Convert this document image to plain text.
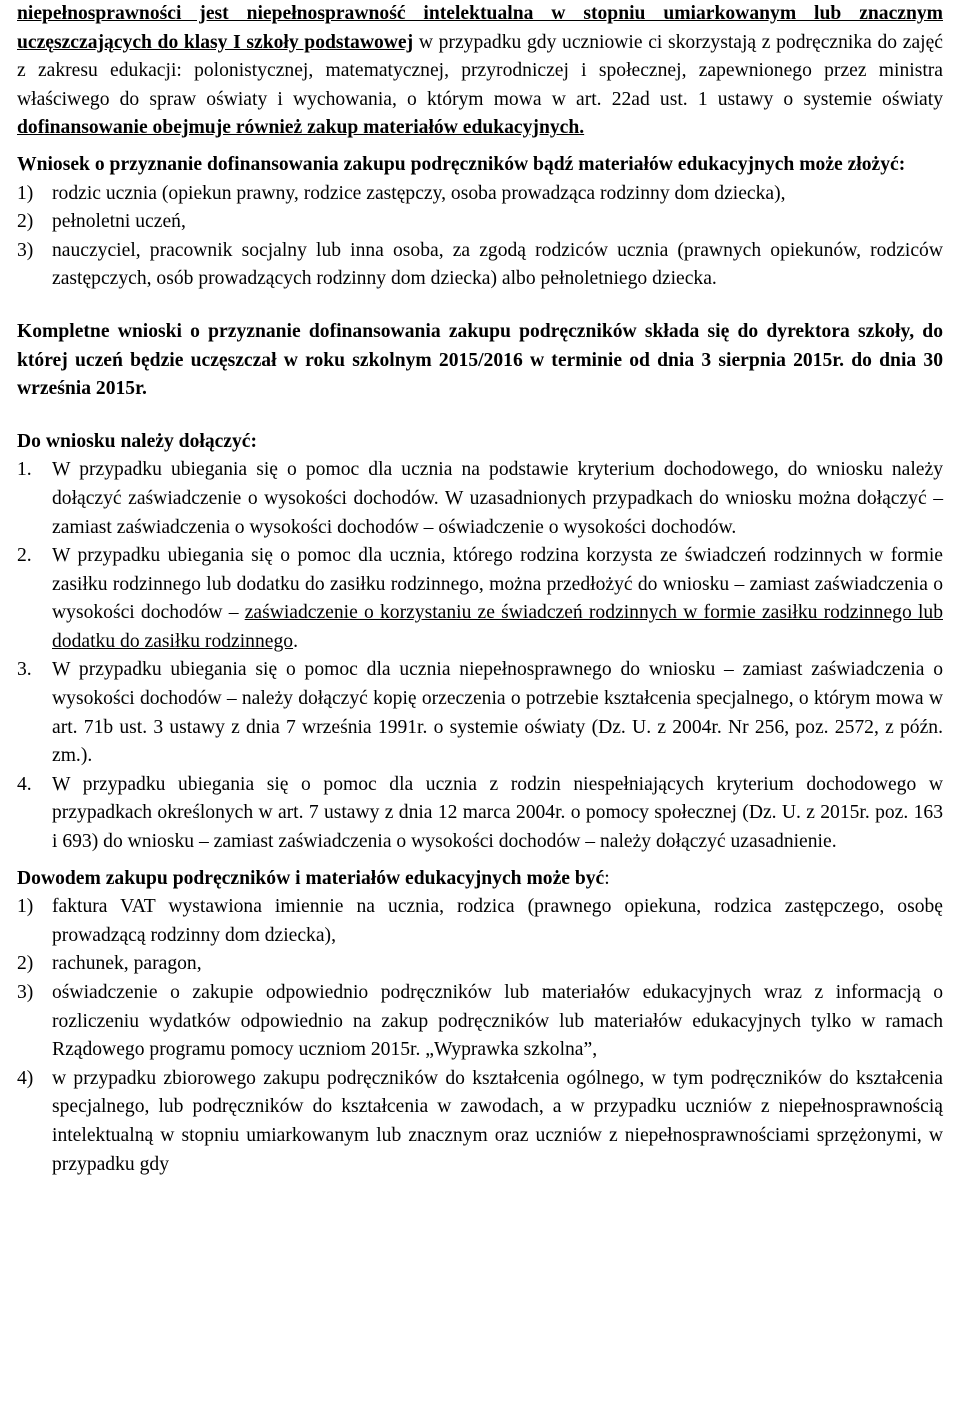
niepełnosprawności jest niepełnosprawność intelektualna w stopniu umiarkowanym lub znacznym uczęszczających do klasy I szkoły podstawowej w przypadku gdy uczniowie ci skorzystają z podręcznika do zajęć z zakresu edukacji: polonistycznej, matematycznej, przyrodniczej i społecznej, zapewnionego przez ministra właściwego do spraw oświaty i wychowania, o którym mowa w art. 22ad ust. 1 ustawy o systemie oświaty dofinansowanie obejmuje również zakup materiałów edukacyjnych.

Wniosek o przyznanie dofinansowania zakupu podręczników bądź materiałów edukacyjnych może złożyć:

1) rodzic ucznia (opiekun prawny, rodzice zastępczy, osoba prowadząca rodzinny dom dziecka),
2) pełnoletni uczeń,
3) nauczyciel, pracownik socjalny lub inna osoba, za zgodą rodziców ucznia (prawnych opiekunów, rodziców zastępczych, osób prowadzących rodzinny dom dziecka) albo pełnoletniego dziecka.

Kompletne wnioski o przyznanie dofinansowania zakupu podręczników składa się do dyrektora szkoły, do której uczeń będzie uczęszczał w roku szkolnym 2015/2016 w terminie od dnia 3 sierpnia 2015r. do dnia 30 września 2015r.

Do wniosku należy dołączyć:

1. W przypadku ubiegania się o pomoc dla ucznia na podstawie kryterium dochodowego, do wniosku należy dołączyć zaświadczenie o wysokości dochodów. W uzasadnionych przypadkach do wniosku można dołączyć – zamiast zaświadczenia o wysokości dochodów – oświadczenie o wysokości dochodów.
2. W przypadku ubiegania się o pomoc dla ucznia, którego rodzina korzysta ze świadczeń rodzinnych w formie zasiłku rodzinnego lub dodatku do zasiłku rodzinnego, można przedłożyć do wniosku – zamiast zaświadczenia o wysokości dochodów – zaświadczenie o korzystaniu ze świadczeń rodzinnych w formie zasiłku rodzinnego lub dodatku do zasiłku rodzinnego.
3. W przypadku ubiegania się o pomoc dla ucznia niepełnosprawnego do wniosku – zamiast zaświadczenia o wysokości dochodów – należy dołączyć kopię orzeczenia o potrzebie kształcenia specjalnego, o którym mowa w art. 71b ust. 3 ustawy z dnia 7 września 1991r. o systemie oświaty (Dz. U. z 2004r. Nr 256, poz. 2572, z późn. zm.).
4. W przypadku ubiegania się o pomoc dla ucznia z rodzin niespełniających kryterium dochodowego w przypadkach określonych w art. 7 ustawy z dnia 12 marca 2004r. o pomocy społecznej (Dz. U. z 2015r. poz. 163 i 693) do wniosku – zamiast zaświadczenia o wysokości dochodów – należy dołączyć uzasadnienie.

Dowodem zakupu podręczników i materiałów edukacyjnych może być:

1) faktura VAT wystawiona imiennie na ucznia, rodzica (prawnego opiekuna, rodzica zastępczego, osobę prowadzącą rodzinny dom dziecka),
2) rachunek, paragon,
3) oświadczenie o zakupie odpowiednio podręczników lub materiałów edukacyjnych wraz z informacją o rozliczeniu wydatków odpowiednio na zakup podręczników lub materiałów edukacyjnych tylko w ramach Rządowego programu pomocy uczniom 2015r. „Wyprawka szkolna”,
4) w przypadku zbiorowego zakupu podręczników do kształcenia ogólnego, w tym podręczników do kształcenia specjalnego, lub podręczników do kształcenia w zawodach, a w przypadku uczniów z niepełnosprawnością intelektualną w stopniu umiarkowanym lub znacznym oraz uczniów z niepełnosprawnościami sprzężonymi, w przypadku gdy
